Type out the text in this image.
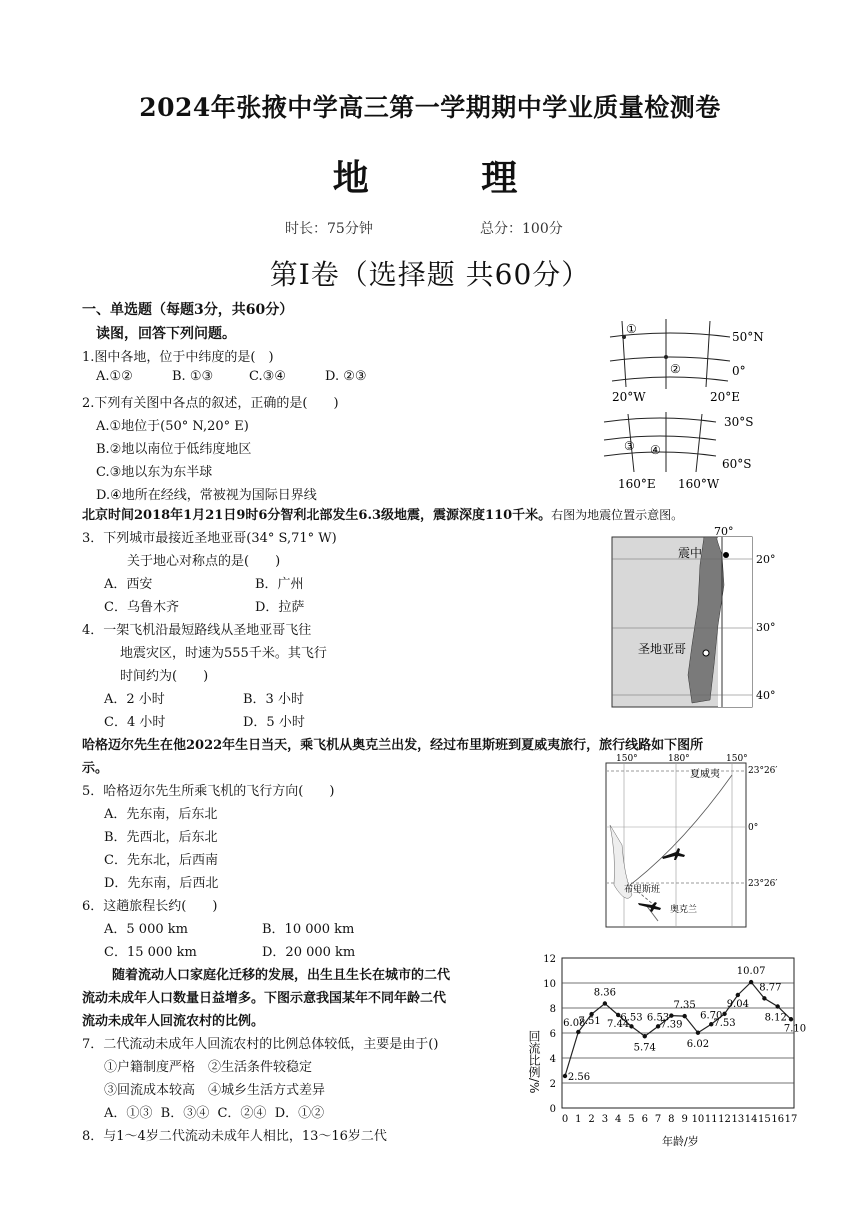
2024年张掖中学高三第一学期期中学业质量检测卷
地 理
时长：75分钟	总分：100分
第Ⅰ卷（选择题 共60分）
一、单选题（每题3分，共60分）
读图，回答下列问题。
1.图中各地，位于中纬度的是(　)
A.①②	B. ①③	C.③④	D. ②③
2.下列有关图中各点的叙述，正确的是(　　)
A.①地位于(50° N,20° E)
B.②地以南位于低纬度地区
C.③地以东为东半球
D.④地所在经线，常被视为国际日界线
北京时间2018年1月21日9时6分智利北部发生6.3级地震，震源深度110千米。右图为地震位置示意图。
3．下列城市最接近圣地亚哥(34° S,71° W)
关于地心对称点的是(　　)
A．西安	B．广州
C．乌鲁木齐	D．拉萨
4．一架飞机沿最短路线从圣地亚哥飞往
地震灾区，时速为555千米。其飞行
时间约为(　　)
A．2 小时	B．3 小时
C．4 小时	D．5 小时
哈格迈尔先生在他2022年生日当天，乘飞机从奥克兰出发，经过布里斯班到夏威夷旅行，旅行线路如下图所
示。
5．哈格迈尔先生所乘飞机的飞行方向(　　)
A．先东南，后东北
B．先西北，后东北
C．先东北，后西南
D．先东南，后西北
6．这趟旅程长约(　　)
A．5 000 km	B．10 000 km
C．15 000 km	D．20 000 km
随着流动人口家庭化迁移的发展，出生且生长在城市的二代
流动未成年人口数量日益增多。下图示意我国某年不同年龄二代
流动未成年人回流农村的比例。
7．二代流动未成年人回流农村的比例总体较低，主要是由于()
①户籍制度严格　②生活条件较稳定
③回流成本较高　④城乡生活方式差异
A．①③ B．③④ C．②④ D．①②
8．与1～4岁二代流动未成年人相比，13～16岁二代
①
②
50°N
0°
20°W	20°E
③ ④
30°S
60°S
160°E 160°W
70°
震中	20°
30°
圣地亚哥
40°
150°	180°	150°
夏威夷	23°26′
0°
23°26′
布里斯班
奥克兰
0
2
4
6
8
10
12
0 1 2 3 4 5 6 7 8 9 10 11 12 13 14 15 16 17
2.56
6.08
7.51
8.36
7.44
6.53
5.74
6.53
7.39
7.35
6.02
6.70
7.53
9.04
10.07
8.77
8.12
7.10
回流比例/%
年龄/岁
